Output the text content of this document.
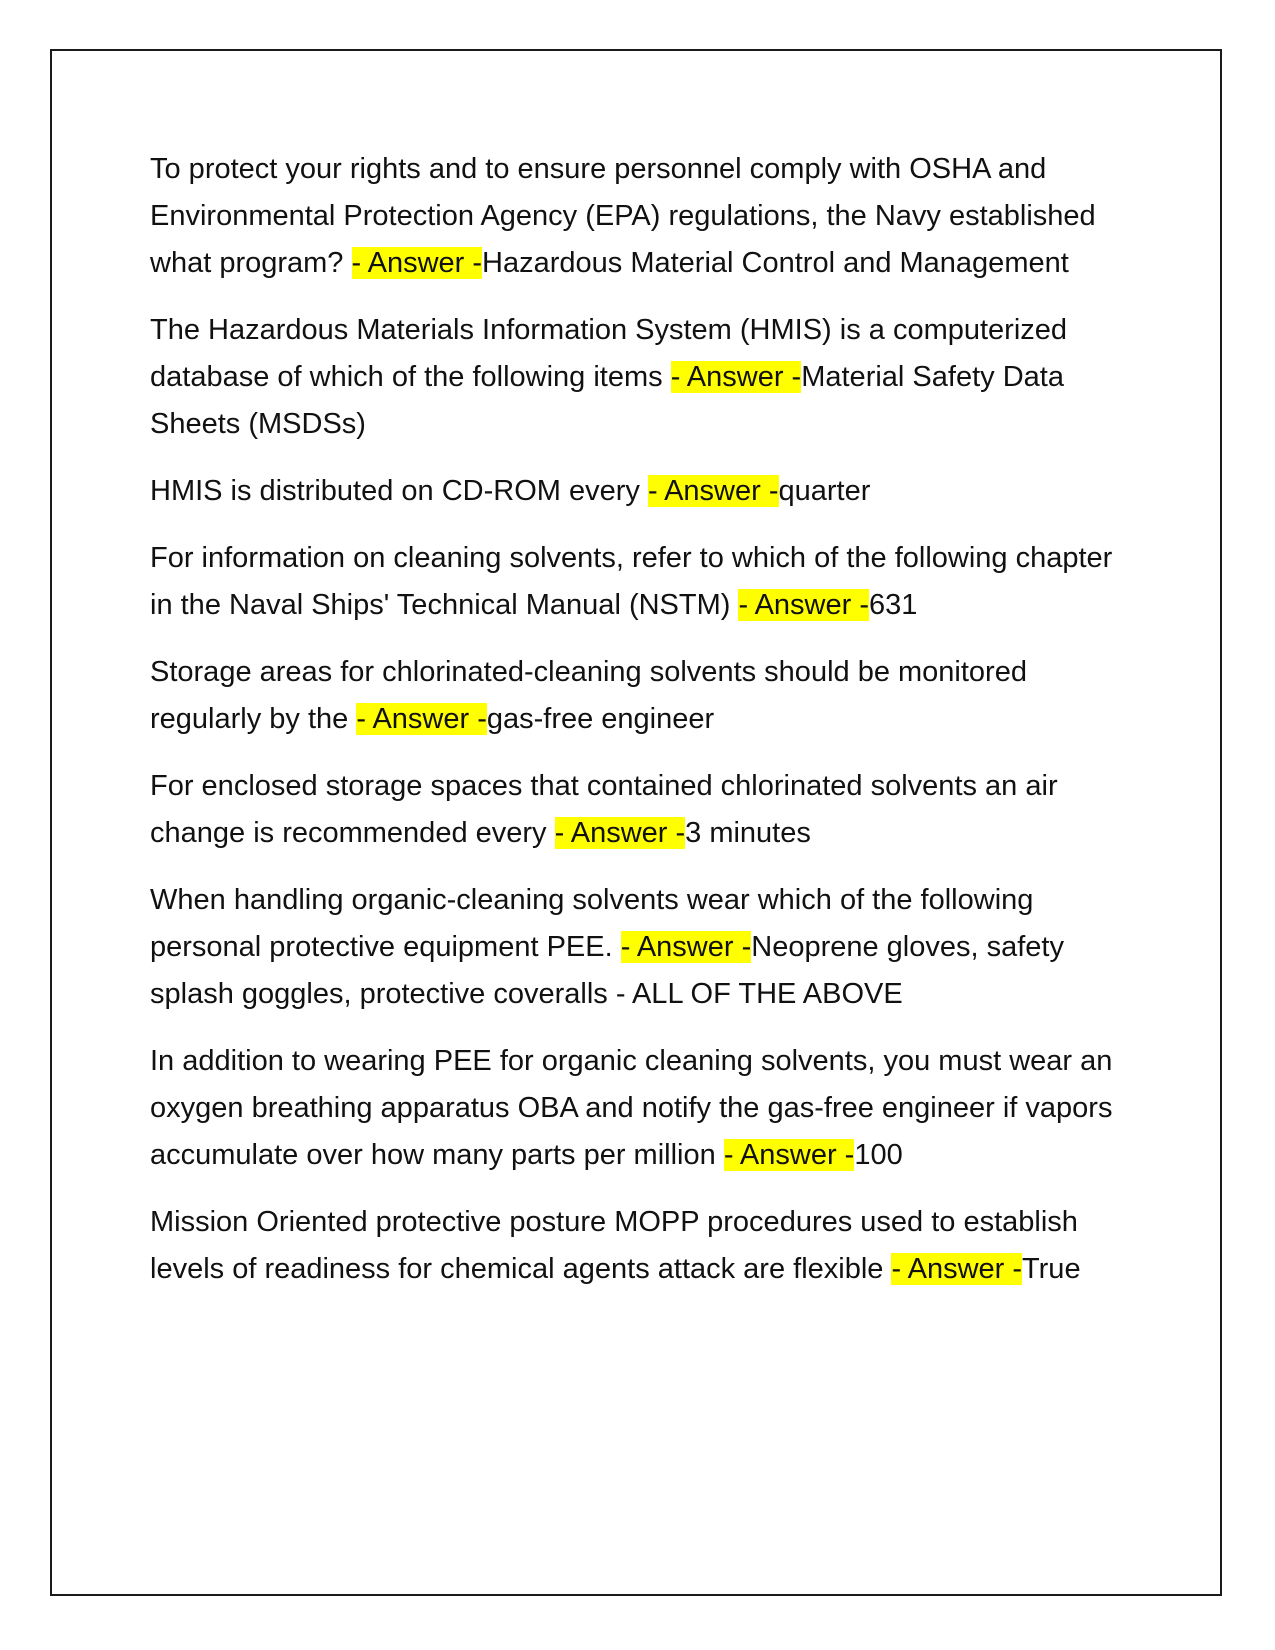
To protect your rights and to ensure personnel comply with OSHA and Environmental Protection Agency (EPA) regulations, the Navy established what program? - Answer -Hazardous Material Control and Management

The Hazardous Materials Information System (HMIS) is a computerized database of which of the following items - Answer -Material Safety Data Sheets (MSDSs)

HMIS is distributed on CD-ROM every - Answer -quarter

For information on cleaning solvents, refer to which of the following chapter in the Naval Ships' Technical Manual (NSTM) - Answer -631

Storage areas for chlorinated-cleaning solvents should be monitored regularly by the - Answer -gas-free engineer

For enclosed storage spaces that contained chlorinated solvents an air change is recommended every - Answer -3 minutes

When handling organic-cleaning solvents wear which of the following personal protective equipment PEE. - Answer -Neoprene gloves, safety splash goggles, protective coveralls - ALL OF THE ABOVE

In addition to wearing PEE for organic cleaning solvents, you must wear an oxygen breathing apparatus OBA and notify the gas-free engineer if vapors accumulate over how many parts per million - Answer -100

Mission Oriented protective posture MOPP procedures used to establish levels of readiness for chemical agents attack are flexible - Answer -True
